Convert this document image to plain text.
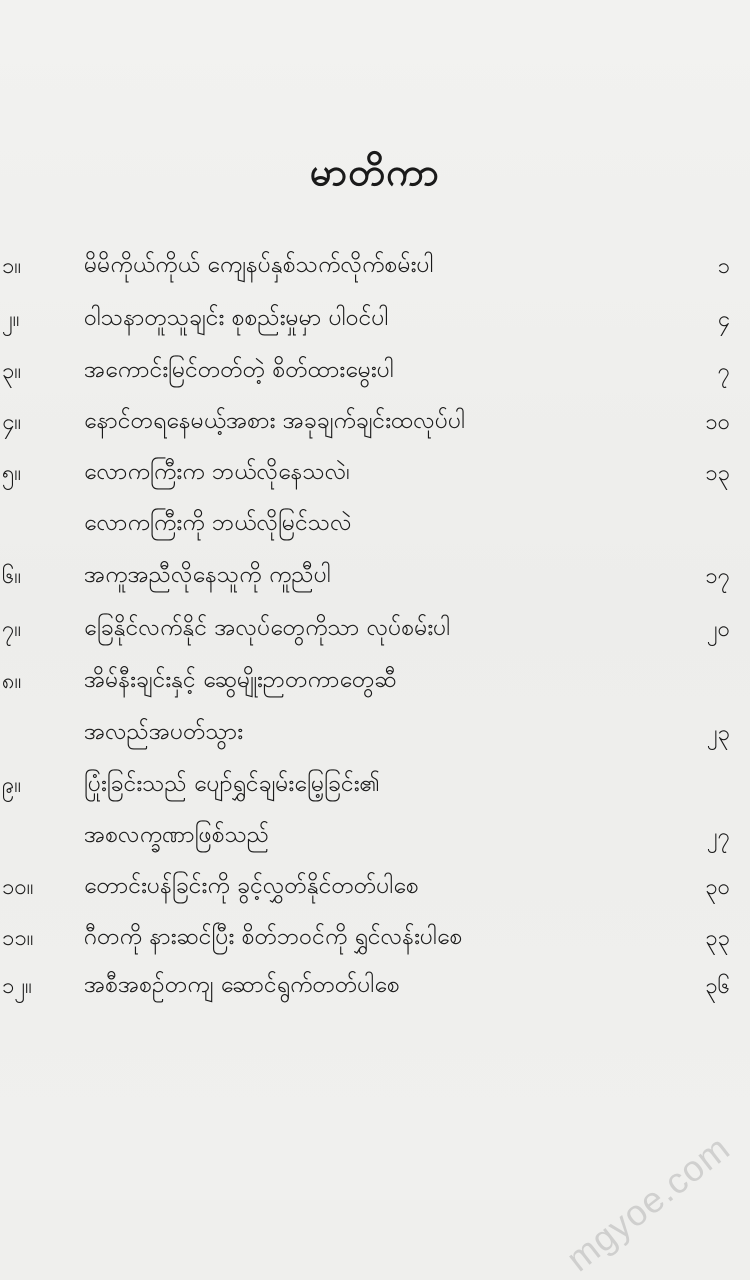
မာတိကာ
၁။	မိမိကိုယ်ကိုယ် ကျေနပ်နှစ်သက်လိုက်စမ်းပါ	၁
၂။	ဝါသနာတူသူချင်း စုစည်းမှုမှာ ပါဝင်ပါ	၄
၃။	အကောင်းမြင်တတ်တဲ့ စိတ်ထားမွေးပါ	၇
၄။	နောင်တရနေမယ့်အစား အခုချက်ချင်းထလုပ်ပါ	၁၀
၅။	လောကကြီးက ဘယ်လိုနေသလဲ၊	၁၃
လောကကြီးကို ဘယ်လိုမြင်သလဲ
၆။	အကူအညီလိုနေသူကို ကူညီပါ	၁၇
၇။	ခြေနိုင်လက်နိုင် အလုပ်တွေကိုသာ လုပ်စမ်းပါ	၂၀
၈။	အိမ်နီးချင်းနှင့် ဆွေမျိုးဉာတကာတွေဆီ
အလည်အပတ်သွား	၂၃
၉။	ပြုံးခြင်းသည် ပျော်ရွှင်ချမ်းမြေ့ခြင်း၏
အစလက္ခဏာဖြစ်သည်	၂၇
၁၀။	တောင်းပန်ခြင်းကို ခွင့်လွှတ်နိုင်တတ်ပါစေ	၃၀
၁၁။	ဂီတကို နားဆင်ပြီး စိတ်ဘဝင်ကို ရွှင်လန်းပါစေ	၃၃
၁၂။	အစီအစဉ်တကျ ဆောင်ရွက်တတ်ပါစေ	၃၆
mgyoe.com
